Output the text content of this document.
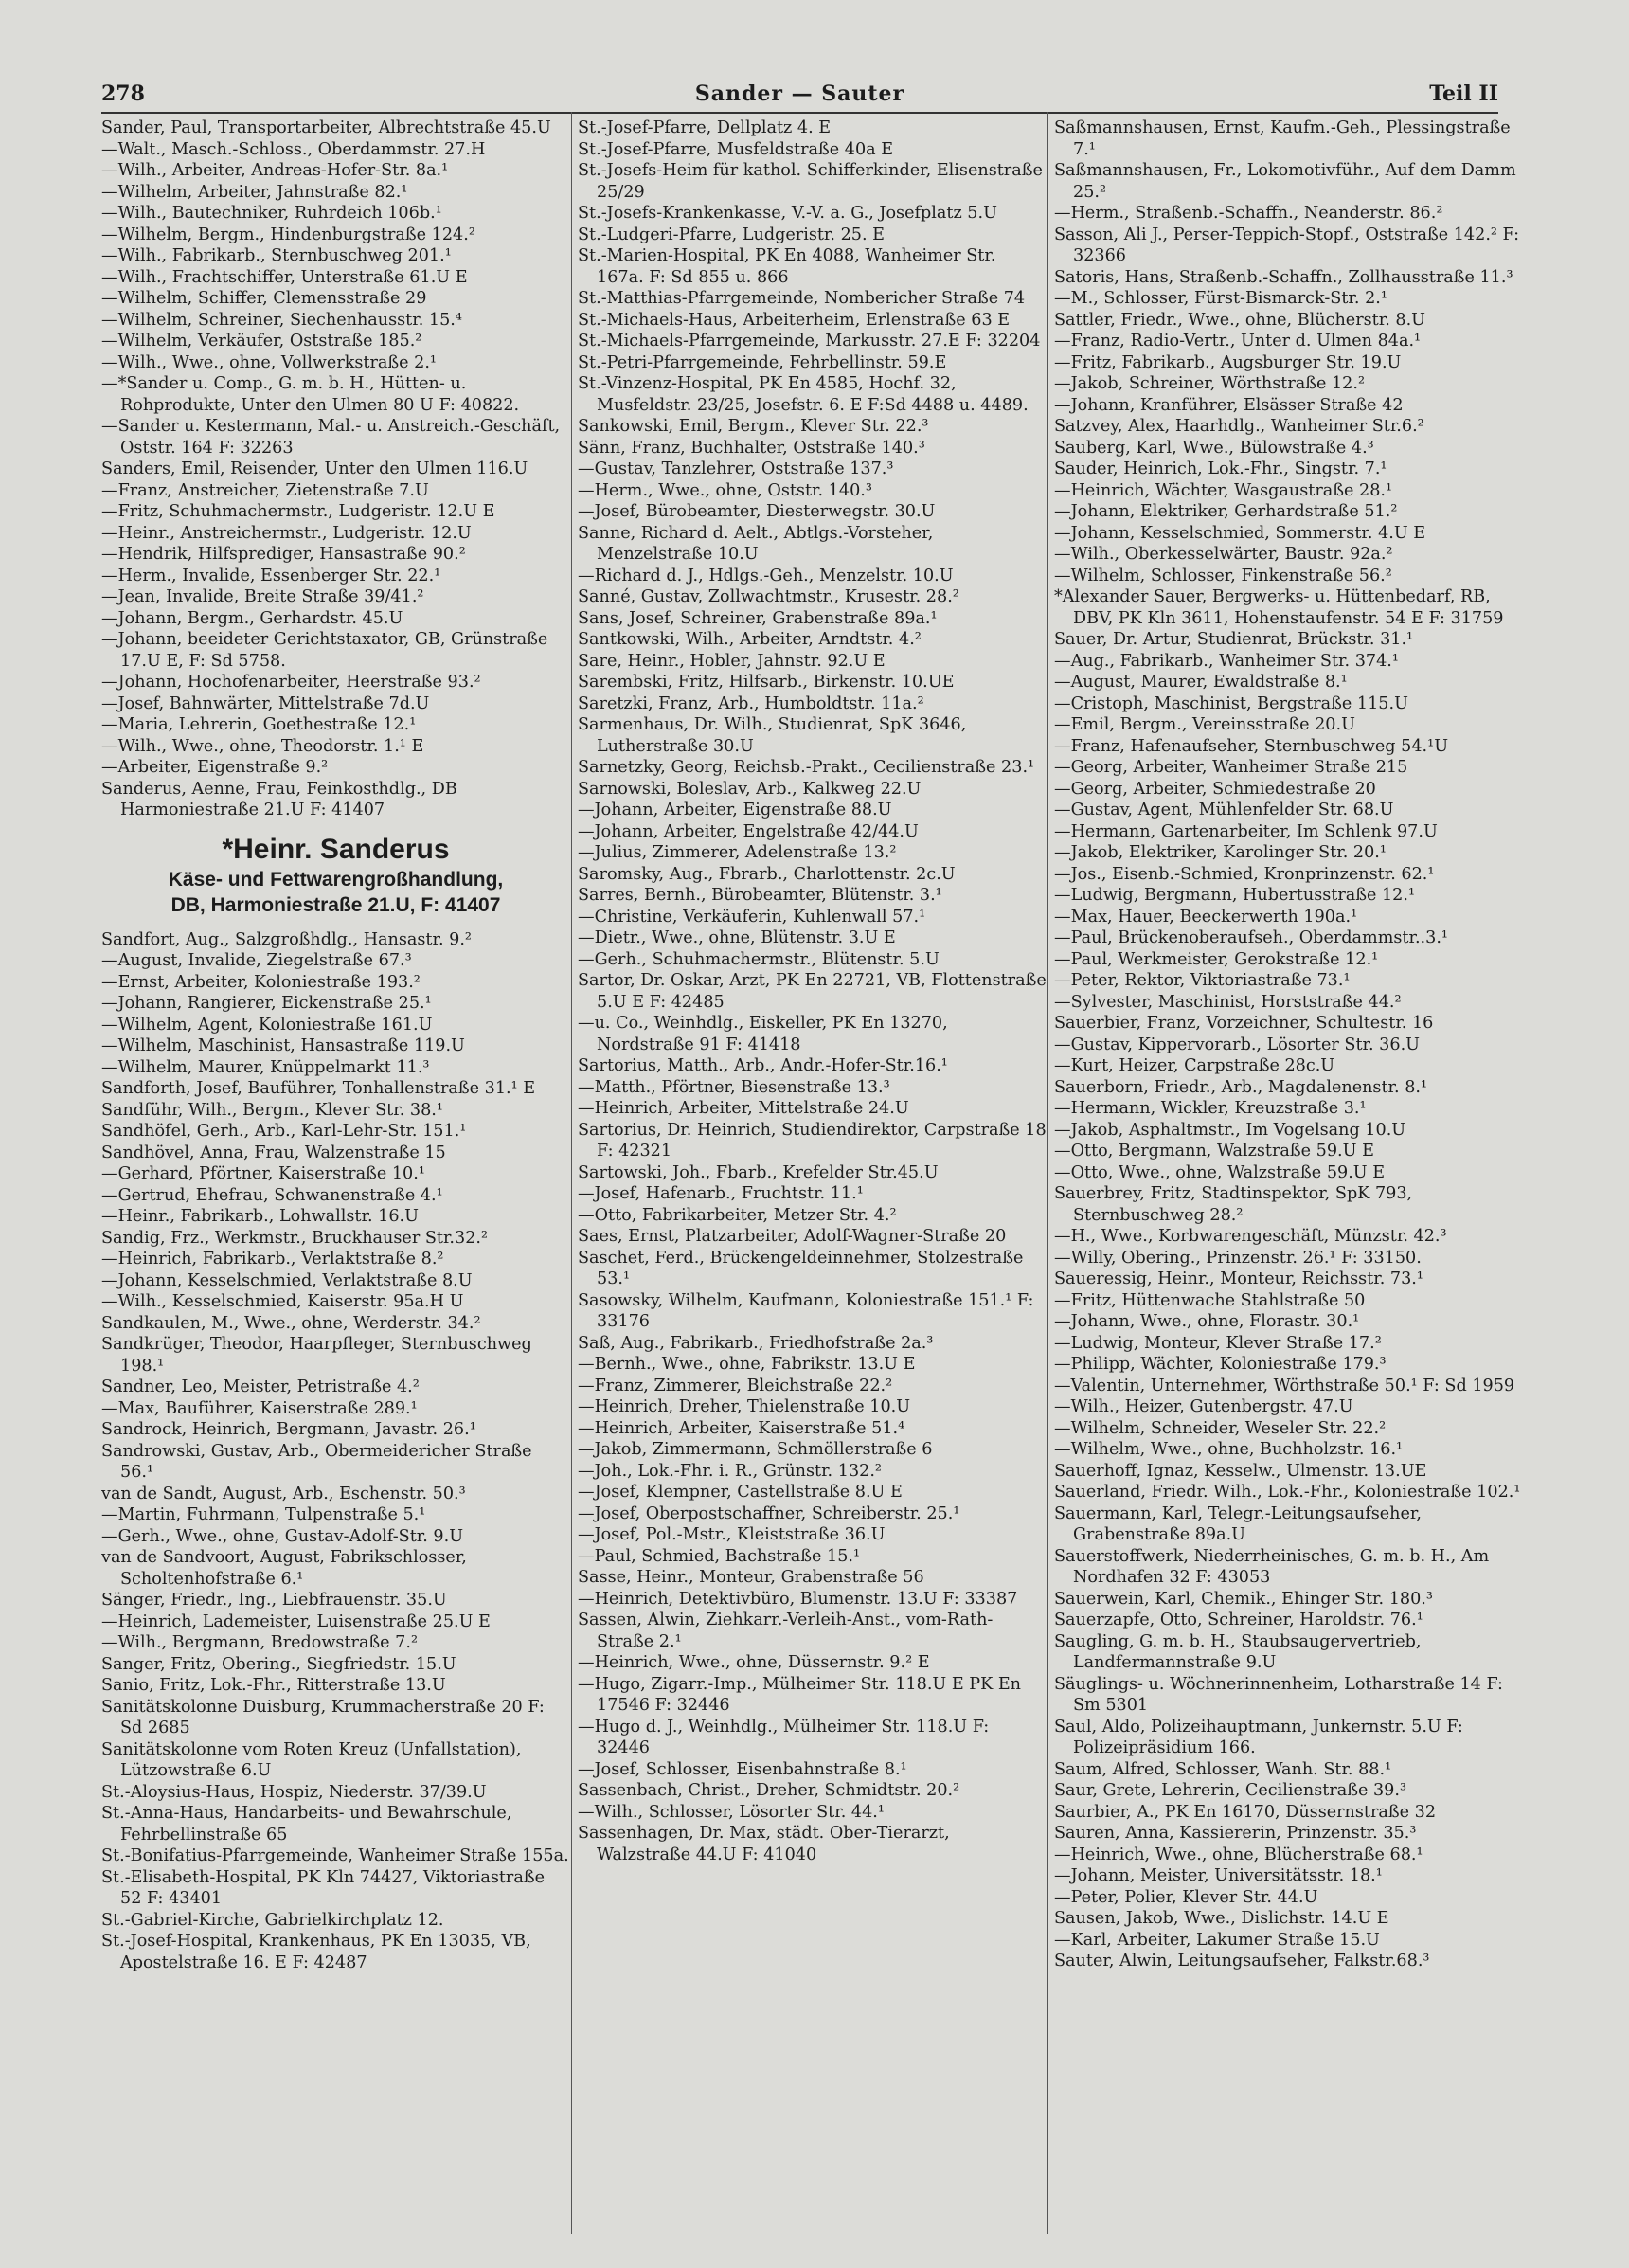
278	Sander — Sauter	Teil II
Sander, Paul, Transportarbeiter, Albrechtstraße 45.U
—Walt., Masch.-Schloss., Oberdammstr. 27.H
—Wilh., Arbeiter, Andreas-Hofer-Str. 8a.¹
—Wilhelm, Arbeiter, Jahnstraße 82.¹
—Wilh., Bautechniker, Ruhrdeich 106b.¹
—Wilhelm, Bergm., Hindenburgstraße 124.²
—Wilh., Fabrikarb., Sternbuschweg 201.¹
—Wilh., Frachtschiffer, Unterstraße 61.U E
—Wilhelm, Schiffer, Clemensstraße 29
—Wilhelm, Schreiner, Siechenhausstr. 15.⁴
—Wilhelm, Verkäufer, Oststraße 185.²
—Wilh., Wwe., ohne, Vollwerkstraße 2.¹
—*Sander u. Comp., G. m. b. H., Hütten- u. Rohprodukte, Unter den Ulmen 80 U F: 40822.
—Sander u. Kestermann, Mal.- u. Anstreich.-Geschäft, Oststr. 164 F: 32263
Sanders, Emil, Reisender, Unter den Ulmen 116.U
—Franz, Anstreicher, Zietenstraße 7.U
—Fritz, Schuhmachermstr., Ludgeristr. 12.U E
—Heinr., Anstreichermstr., Ludgeristr. 12.U
—Hendrik, Hilfsprediger, Hansastraße 90.²
—Herm., Invalide, Essenberger Str. 22.¹
—Jean, Invalide, Breite Straße 39/41.²
—Johann, Bergm., Gerhardstr. 45.U
—Johann, beeideter Gerichtstaxator, GB, Grünstraße 17.U E, F: Sd 5758.
—Johann, Hochofenarbeiter, Heerstraße 93.²
—Josef, Bahnwärter, Mittelstraße 7d.U
—Maria, Lehrerin, Goethestraße 12.¹
—Wilh., Wwe., ohne, Theodorstr. 1.¹ E
—Arbeiter, Eigenstraße 9.²
Sanderus, Aenne, Frau, Feinkosthdlg., DB Harmoniestraße 21.U F: 41407
*Heinr. Sanderus
Käse- und Fettwarengroßhandlung,
DB, Harmoniestraße 21.U, F: 41407
Sandfort, Aug., Salzgroßhdlg., Hansastr. 9.²
—August, Invalide, Ziegelstraße 67.³
—Ernst, Arbeiter, Koloniestraße 193.²
—Johann, Rangierer, Eickenstraße 25.¹
—Wilhelm, Agent, Koloniestraße 161.U
—Wilhelm, Maschinist, Hansastraße 119.U
—Wilhelm, Maurer, Knüppelmarkt 11.³
Sandforth, Josef, Bauführer, Tonhallenstraße 31.¹ E
Sandführ, Wilh., Bergm., Klever Str. 38.¹
Sandhöfel, Gerh., Arb., Karl-Lehr-Str. 151.¹
Sandhövel, Anna, Frau, Walzenstraße 15
—Gerhard, Pförtner, Kaiserstraße 10.¹
—Gertrud, Ehefrau, Schwanenstraße 4.¹
—Heinr., Fabrikarb., Lohwallstr. 16.U
Sandig, Frz., Werkmstr., Bruckhauser Str.32.²
—Heinrich, Fabrikarb., Verlaktstraße 8.²
—Johann, Kesselschmied, Verlaktstraße 8.U
—Wilh., Kesselschmied, Kaiserstr. 95a.H U
Sandkaulen, M., Wwe., ohne, Werderstr. 34.²
Sandkrüger, Theodor, Haarpfleger, Sternbuschweg 198.¹
Sandner, Leo, Meister, Petristraße 4.²
—Max, Bauführer, Kaiserstraße 289.¹
Sandrock, Heinrich, Bergmann, Javastr. 26.¹
Sandrowski, Gustav, Arb., Obermeidericher Straße 56.¹
van de Sandt, August, Arb., Eschenstr. 50.³
—Martin, Fuhrmann, Tulpenstraße 5.¹
—Gerh., Wwe., ohne, Gustav-Adolf-Str. 9.U
van de Sandvoort, August, Fabrikschlosser, Scholtenhofstraße 6.¹
Sänger, Friedr., Ing., Liebfrauenstr. 35.U
—Heinrich, Lademeister, Luisenstraße 25.U E
—Wilh., Bergmann, Bredowstraße 7.²
Sanger, Fritz, Obering., Siegfriedstr. 15.U
Sanio, Fritz, Lok.-Fhr., Ritterstraße 13.U
Sanitätskolonne Duisburg, Krummacherstraße 20 F: Sd 2685
Sanitätskolonne vom Roten Kreuz (Unfallstation), Lützowstraße 6.U
St.-Aloysius-Haus, Hospiz, Niederstr. 37/39.U
St.-Anna-Haus, Handarbeits- und Bewahrschule, Fehrbellinstraße 65
St.-Bonifatius-Pfarrgemeinde, Wanheimer Straße 155a.
St.-Elisabeth-Hospital, PK Kln 74427, Viktoriastraße 52 F: 43401
St.-Gabriel-Kirche, Gabrielkirchplatz 12.
St.-Josef-Hospital, Krankenhaus, PK En 13035, VB, Apostelstraße 16. E F: 42487
St.-Josef-Pfarre, Dellplatz 4. E
St.-Josef-Pfarre, Musfeldstraße 40a E
St.-Josefs-Heim für kathol. Schifferkinder, Elisenstraße 25/29
St.-Josefs-Krankenkasse, V.-V. a. G., Josefplatz 5.U
St.-Ludgeri-Pfarre, Ludgeristr. 25. E
St.-Marien-Hospital, PK En 4088, Wanheimer Str. 167a. F: Sd 855 u. 866
St.-Matthias-Pfarrgemeinde, Nombericher Straße 74
St.-Michaels-Haus, Arbeiterheim, Erlenstraße 63 E
St.-Michaels-Pfarrgemeinde, Markusstr. 27.E F: 32204
St.-Petri-Pfarrgemeinde, Fehrbellinstr. 59.E
St.-Vinzenz-Hospital, PK En 4585, Hochf. 32, Musfeldstr. 23/25, Josefstr. 6. E F:Sd 4488 u. 4489.
Sankowski, Emil, Bergm., Klever Str. 22.³
Sänn, Franz, Buchhalter, Oststraße 140.³
—Gustav, Tanzlehrer, Oststraße 137.³
—Herm., Wwe., ohne, Oststr. 140.³
—Josef, Bürobeamter, Diesterwegstr. 30.U
Sanne, Richard d. Aelt., Abtlgs.-Vorsteher, Menzelstraße 10.U
—Richard d. J., Hdlgs.-Geh., Menzelstr. 10.U
Sanné, Gustav, Zollwachtmstr., Krusestr. 28.²
Sans, Josef, Schreiner, Grabenstraße 89a.¹
Santkowski, Wilh., Arbeiter, Arndtstr. 4.²
Sare, Heinr., Hobler, Jahnstr. 92.U E
Sarembski, Fritz, Hilfsarb., Birkenstr. 10.UE
Saretzki, Franz, Arb., Humboldtstr. 11a.²
Sarmenhaus, Dr. Wilh., Studienrat, SpK 3646, Lutherstraße 30.U
Sarnetzky, Georg, Reichsb.-Prakt., Cecilienstraße 23.¹
Sarnowski, Boleslav, Arb., Kalkweg 22.U
—Johann, Arbeiter, Eigenstraße 88.U
—Johann, Arbeiter, Engelstraße 42/44.U
—Julius, Zimmerer, Adelenstraße 13.²
Saromsky, Aug., Fbrarb., Charlottenstr. 2c.U
Sarres, Bernh., Bürobeamter, Blütenstr. 3.¹
—Christine, Verkäuferin, Kuhlenwall 57.¹
—Dietr., Wwe., ohne, Blütenstr. 3.U E
—Gerh., Schuhmachermstr., Blütenstr. 5.U
Sartor, Dr. Oskar, Arzt, PK En 22721, VB, Flottenstraße 5.U E F: 42485
—u. Co., Weinhdlg., Eiskeller, PK En 13270, Nordstraße 91 F: 41418
Sartorius, Matth., Arb., Andr.-Hofer-Str.16.¹
—Matth., Pförtner, Biesenstraße 13.³
—Heinrich, Arbeiter, Mittelstraße 24.U
Sartorius, Dr. Heinrich, Studiendirektor, Carpstraße 18 F: 42321
Sartowski, Joh., Fbarb., Krefelder Str.45.U
—Josef, Hafenarb., Fruchtstr. 11.¹
—Otto, Fabrikarbeiter, Metzer Str. 4.²
Saes, Ernst, Platzarbeiter, Adolf-Wagner-Straße 20
Saschet, Ferd., Brückengeldeinnehmer, Stolzestraße 53.¹
Sasowsky, Wilhelm, Kaufmann, Koloniestraße 151.¹ F: 33176
Saß, Aug., Fabrikarb., Friedhofstraße 2a.³
—Bernh., Wwe., ohne, Fabrikstr. 13.U E
—Franz, Zimmerer, Bleichstraße 22.²
—Heinrich, Dreher, Thielenstraße 10.U
—Heinrich, Arbeiter, Kaiserstraße 51.⁴
—Jakob, Zimmermann, Schmöllerstraße 6
—Joh., Lok.-Fhr. i. R., Grünstr. 132.²
—Josef, Klempner, Castellstraße 8.U E
—Josef, Oberpostschaffner, Schreiberstr. 25.¹
—Josef, Pol.-Mstr., Kleiststraße 36.U
—Paul, Schmied, Bachstraße 15.¹
Sasse, Heinr., Monteur, Grabenstraße 56
—Heinrich, Detektivbüro, Blumenstr. 13.U F: 33387
Sassen, Alwin, Ziehkarr.-Verleih-Anst., vom-Rath-Straße 2.¹
—Heinrich, Wwe., ohne, Düssernstr. 9.² E
—Hugo, Zigarr.-Imp., Mülheimer Str. 118.U E PK En 17546 F: 32446
—Hugo d. J., Weinhdlg., Mülheimer Str. 118.U F: 32446
—Josef, Schlosser, Eisenbahnstraße 8.¹
Sassenbach, Christ., Dreher, Schmidtstr. 20.²
—Wilh., Schlosser, Lösorter Str. 44.¹
Sassenhagen, Dr. Max, städt. Ober-Tierarzt, Walzstraße 44.U F: 41040
Saßmannshausen, Ernst, Kaufm.-Geh., Plessingstraße 7.¹
Saßmannshausen, Fr., Lokomotivführ., Auf dem Damm 25.²
—Herm., Straßenb.-Schaffn., Neanderstr. 86.²
Sasson, Ali J., Perser-Teppich-Stopf., Oststraße 142.² F: 32366
Satoris, Hans, Straßenb.-Schaffn., Zollhausstraße 11.³
—M., Schlosser, Fürst-Bismarck-Str. 2.¹
Sattler, Friedr., Wwe., ohne, Blücherstr. 8.U
—Franz, Radio-Vertr., Unter d. Ulmen 84a.¹
—Fritz, Fabrikarb., Augsburger Str. 19.U
—Jakob, Schreiner, Wörthstraße 12.²
—Johann, Kranführer, Elsässer Straße 42
Satzvey, Alex, Haarhdlg., Wanheimer Str.6.²
Sauberg, Karl, Wwe., Bülowstraße 4.³
Sauder, Heinrich, Lok.-Fhr., Singstr. 7.¹
—Heinrich, Wächter, Wasgaustraße 28.¹
—Johann, Elektriker, Gerhardstraße 51.²
—Johann, Kesselschmied, Sommerstr. 4.U E
—Wilh., Oberkesselwärter, Baustr. 92a.²
—Wilhelm, Schlosser, Finkenstraße 56.²
*Alexander Sauer, Bergwerks- u. Hüttenbedarf, RB, DBV, PK Kln 3611, Hohenstaufenstr. 54 E F: 31759
Sauer, Dr. Artur, Studienrat, Brückstr. 31.¹
—Aug., Fabrikarb., Wanheimer Str. 374.¹
—August, Maurer, Ewaldstraße 8.¹
—Cristoph, Maschinist, Bergstraße 115.U
—Emil, Bergm., Vereinsstraße 20.U
—Franz, Hafenaufseher, Sternbuschweg 54.¹U
—Georg, Arbeiter, Wanheimer Straße 215
—Georg, Arbeiter, Schmiedestraße 20
—Gustav, Agent, Mühlenfelder Str. 68.U
—Hermann, Gartenarbeiter, Im Schlenk 97.U
—Jakob, Elektriker, Karolinger Str. 20.¹
—Jos., Eisenb.-Schmied, Kronprinzenstr. 62.¹
—Ludwig, Bergmann, Hubertusstraße 12.¹
—Max, Hauer, Beeckerwerth 190a.¹
—Paul, Brückenoberaufseh., Oberdammstr..3.¹
—Paul, Werkmeister, Gerokstraße 12.¹
—Peter, Rektor, Viktoriastraße 73.¹
—Sylvester, Maschinist, Horststraße 44.²
Sauerbier, Franz, Vorzeichner, Schultestr. 16
—Gustav, Kippervorarb., Lösorter Str. 36.U
—Kurt, Heizer, Carpstraße 28c.U
Sauerborn, Friedr., Arb., Magdalenenstr. 8.¹
—Hermann, Wickler, Kreuzstraße 3.¹
—Jakob, Asphaltmstr., Im Vogelsang 10.U
—Otto, Bergmann, Walzstraße 59.U E
—Otto, Wwe., ohne, Walzstraße 59.U E
Sauerbrey, Fritz, Stadtinspektor, SpK 793, Sternbuschweg 28.²
—H., Wwe., Korbwarengeschäft, Münzstr. 42.³
—Willy, Obering., Prinzenstr. 26.¹ F: 33150.
Saueressig, Heinr., Monteur, Reichsstr. 73.¹
—Fritz, Hüttenwache Stahlstraße 50
—Johann, Wwe., ohne, Florastr. 30.¹
—Ludwig, Monteur, Klever Straße 17.²
—Philipp, Wächter, Koloniestraße 179.³
—Valentin, Unternehmer, Wörthstraße 50.¹ F: Sd 1959
—Wilh., Heizer, Gutenbergstr. 47.U
—Wilhelm, Schneider, Weseler Str. 22.²
—Wilhelm, Wwe., ohne, Buchholzstr. 16.¹
Sauerhoff, Ignaz, Kesselw., Ulmenstr. 13.UE
Sauerland, Friedr. Wilh., Lok.-Fhr., Koloniestraße 102.¹
Sauermann, Karl, Telegr.-Leitungsaufseher, Grabenstraße 89a.U
Sauerstoffwerk, Niederrheinisches, G. m. b. H., Am Nordhafen 32 F: 43053
Sauerwein, Karl, Chemik., Ehinger Str. 180.³
Sauerzapfe, Otto, Schreiner, Haroldstr. 76.¹
Saugling, G. m. b. H., Staubsaugervertrieb, Landfermannstraße 9.U
Säuglings- u. Wöchnerinnenheim, Lotharstraße 14 F: Sm 5301
Saul, Aldo, Polizeihauptmann, Junkernstr. 5.U F: Polizeipräsidium 166.
Saum, Alfred, Schlosser, Wanh. Str. 88.¹
Saur, Grete, Lehrerin, Cecilienstraße 39.³
Saurbier, A., PK En 16170, Düssernstraße 32
Sauren, Anna, Kassiererin, Prinzenstr. 35.³
—Heinrich, Wwe., ohne, Blücherstraße 68.¹
—Johann, Meister, Universitätsstr. 18.¹
—Peter, Polier, Klever Str. 44.U
Sausen, Jakob, Wwe., Dislichstr. 14.U E
—Karl, Arbeiter, Lakumer Straße 15.U
Sauter, Alwin, Leitungsaufseher, Falkstr.68.³
